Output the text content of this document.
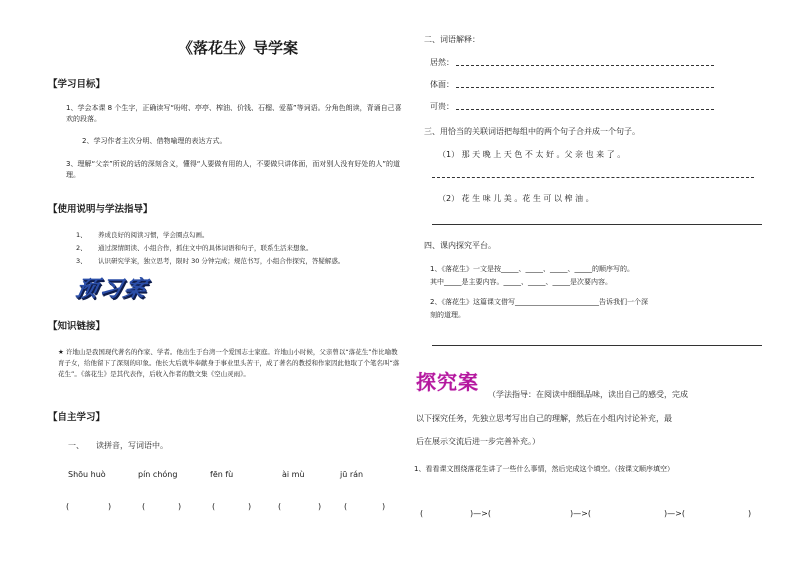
《落花生》导学案
【学习目标】
1、学会本课 8 个生字，正确读写“吩咐、亭亭、榨油、价钱、石榴、爱慕”等词语。分角色朗读，背诵自己喜欢的段落。
2、学习作者主次分明、借物喻理的表达方式。
3、理解“父亲”所说的话的深刻含义，懂得“人要做有用的人，不要做只讲体面，而对别人没有好处的人”的道理。
【使用说明与学法指导】
1、 养成良好的阅读习惯，学会圈点勾画。
2、 通过深情朗读、小组合作，抓住文中的具体词语和句子，联系生活来想象。
3、 认识研究学案，独立思考，限时 30 分钟完成；规范书写，小组合作探究，答疑解惑。
预习案
【知识链接】
★ 许地山是我国现代著名的作家、学者。他出生于台湾一个爱国志士家庭。许地山小时候，父亲曾以“落花生”作比喻教育子女，给他留下了深刻的印象。他长大后就毕奉献身于事业里头苦干，成了著名的教授和作家因此他取了个笔名叫“落花生”。《落花生》是其代表作，后收入作者的散文集《空山灵雨》。
【自主学习】
一、 读拼音，写词语中。
Shōu huò	pín chóng	fēn fù	ài mù	jū rán
(	)	(	)	(	)	(	)	(	)
二、词语解释：
居然：
体面：
可贵：
三、用恰当的关联词语把每组中的两个句子合并成一个句子。
（1） 那 天 晚 上 天 色 不 太 好 。父 亲 也 来 了 。
（2） 花 生 味 儿 美 。花 生 可 以 榨 油 。
四、课内探究平台。
1、《落花生》一文是按_____、_____、_____、_____的顺序写的。
其中_____是主要内容。_____、_____、_____是次要内容。
2、《落花生》这篇课文借写________________________告诉我们一个深
刻的道理。
探究案
（学法指导：在阅读中细细品味，读出自己的感受，完成
以下探究任务，先独立思考写出自己的理解，然后在小组内讨论补充，最
后在展示交流后进一步完善补充。）
1、看看课文围绕落花生讲了一些什么事情，然后完成这个填空。（按课文顺序填空）
(	)—>(	)—>(	)—>(	)
